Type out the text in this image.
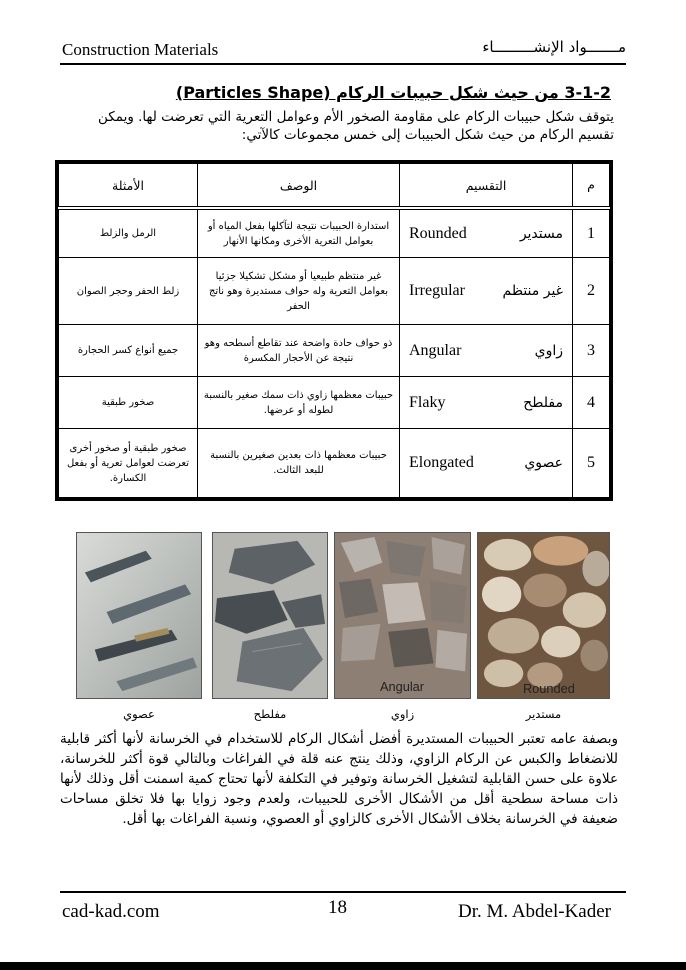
Construction Materials	مـــــــواد الإنشـــــــــاء
3-1-2 من حيث شكل حبيبات الركام (Particles Shape)
يتوقف شكل حبيبات الركام على مقاومة الصخور الأم وعوامل التعرية التي تعرضت لها. ويمكن تقسيم الركام من حيث شكل الحبيبات إلى خمس مجموعات كالآتي:
م	التقسيم	الوصف	الأمثلة
1	Rounded مستدير	استدارة الحبيبات نتيجة لتآكلها بفعل المياه أو بعوامل التعرية الأخرى ومكانها الأنهار	الرمل والزلط
2	Irregular غير منتظم	غير منتظم طبيعيا أو مشكل تشكيلا جزئيا بعوامل التعرية وله حواف مستديرة وهو ناتج الحفر	زلط الحفر وحجر الصوان
3	Angular زاوي	ذو حواف حادة واضحة عند تقاطع أسطحه وهو نتيجة عن الأحجار المكسرة	جميع أنواع كسر الحجارة
4	Flaky مفلطح	حبيبات معظمها زاوي ذات سمك صغير بالنسبة لطوله أو عرضها.	صخور طبقية
5	Elongated عصوي	حبيبات معظمها ذات بعدين صغيرين بالنسبة للبعد الثالث.	صخور طبقية أو صخور أخرى تعرضت لعوامل تعرية أو بفعل الكسارة.
Angular	Rounded
عصوي	مفلطح	زاوي	مستدير
وبصفة عامه تعتبر الحبيبات المستديرة أفضل أشكال الركام للاستخدام في الخرسانة لأنها أكثر قابلية للانضغاط والكبس عن الركام الزاوي، وذلك ينتج عنه قلة في الفراغات وبالتالي قوة أكثر للخرسانة، علاوة على حسن القابلية لتشغيل الخرسانة وتوفير في التكلفة لأنها تحتاج كمية اسمنت أقل وذلك لأنها ذات مساحة سطحية أقل من الأشكال الأخرى للحبيبات، ولعدم وجود زوايا بها فلا تخلق مساحات ضعيفة في الخرسانة بخلاف الأشكال الأخرى كالزاوي أو العصوي، ونسبة الفراغات بها أقل.
cad-kad.com	18	Dr. M. Abdel-Kader
